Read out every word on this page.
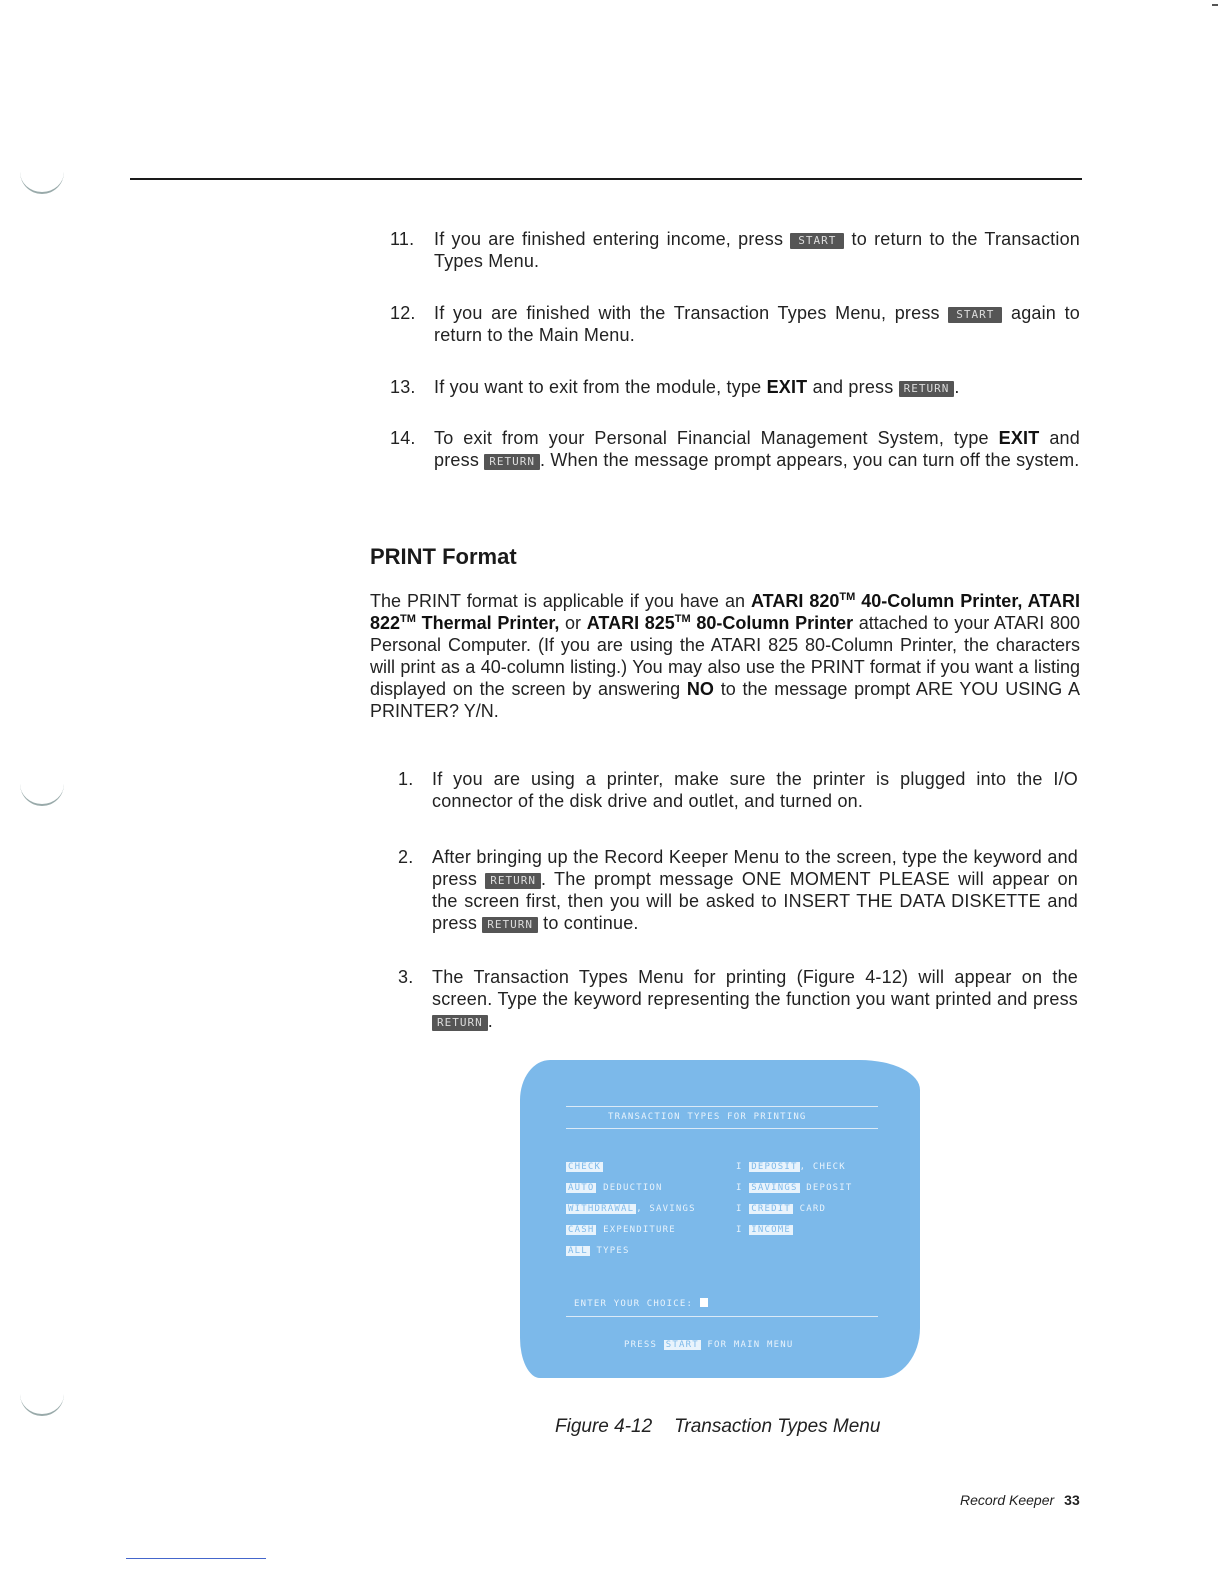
11. If you are finished entering income, press START to return to the Transaction Types Menu.
12. If you are finished with the Transaction Types Menu, press START again to return to the Main Menu.
13. If you want to exit from the module, type EXIT and press RETURN .
14. To exit from your Personal Financial Management System, type EXIT and press RETURN . When the message prompt appears, you can turn off the system.
PRINT Format
The PRINT format is applicable if you have an ATARI 820™ 40-Column Printer, ATARI 822™ Thermal Printer, or ATARI 825™ 80-Column Printer attached to your ATARI 800 Personal Computer. (If you are using the ATARI 825 80-Column Printer, the characters will print as a 40-column listing.) You may also use the PRINT format if you want a listing displayed on the screen by answering NO to the message prompt ARE YOU USING A PRINTER? Y/N.
1. If you are using a printer, make sure the printer is plugged into the I/O connector of the disk drive and outlet, and turned on.
2. After bringing up the Record Keeper Menu to the screen, type the keyword and press RETURN . The prompt message ONE MOMENT PLEASE will appear on the screen first, then you will be asked to INSERT THE DATA DISKETTE and press RETURN to continue.
3. The Transaction Types Menu for printing (Figure 4-12) will appear on the screen. Type the keyword representing the function you want printed and press RETURN .
TRANSACTION TYPES FOR PRINTING
CHECK
AUTO DEDUCTION
WITHDRAWAL , SAVINGS
CASH EXPENDITURE
ALL TYPES
I DEPOSIT , CHECK
I SAVINGS DEPOSIT
I CREDIT CARD
I INCOME
ENTER YOUR CHOICE:
PRESS START FOR MAIN MENU
Figure 4-12 Transaction Types Menu
Record Keeper 33
